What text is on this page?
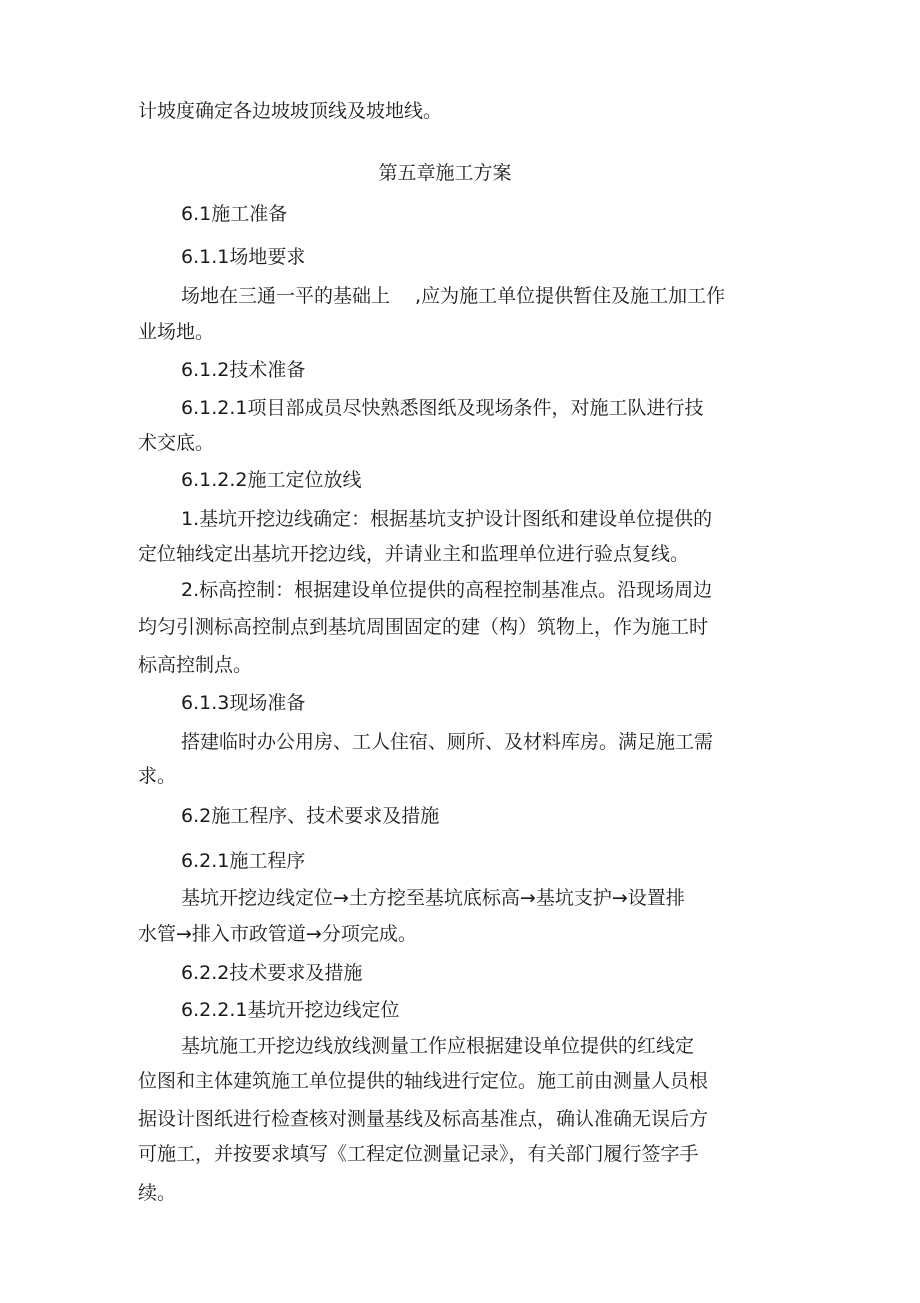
计坡度确定各边坡坡顶线及坡地线。
第五章施工方案
6.1施工准备
6.1.1场地要求
场地在三通一平的基础上　 ,应为施工单位提供暂住及施工加工作
业场地。
6.1.2技术准备
6.1.2.1项目部成员尽快熟悉图纸及现场条件，对施工队进行技
术交底。
6.1.2.2施工定位放线
1.基坑开挖边线确定：根据基坑支护设计图纸和建设单位提供的
定位轴线定出基坑开挖边线，并请业主和监理单位进行验点复线。
2.标高控制：根据建设单位提供的高程控制基准点。沿现场周边
均匀引测标高控制点到基坑周围固定的建（构）筑物上，作为施工时
标高控制点。
6.1.3现场准备
搭建临时办公用房、工人住宿、厕所、及材料库房。满足施工需
求。
6.2施工程序、技术要求及措施
6.2.1施工程序
基坑开挖边线定位→土方挖至基坑底标高→基坑支护→设置排
水管→排入市政管道→分项完成。
6.2.2技术要求及措施
6.2.2.1基坑开挖边线定位
基坑施工开挖边线放线测量工作应根据建设单位提供的红线定
位图和主体建筑施工单位提供的轴线进行定位。施工前由测量人员根
据设计图纸进行检查核对测量基线及标高基准点，确认准确无误后方
可施工，并按要求填写《工程定位测量记录》，有关部门履行签字手
续。
